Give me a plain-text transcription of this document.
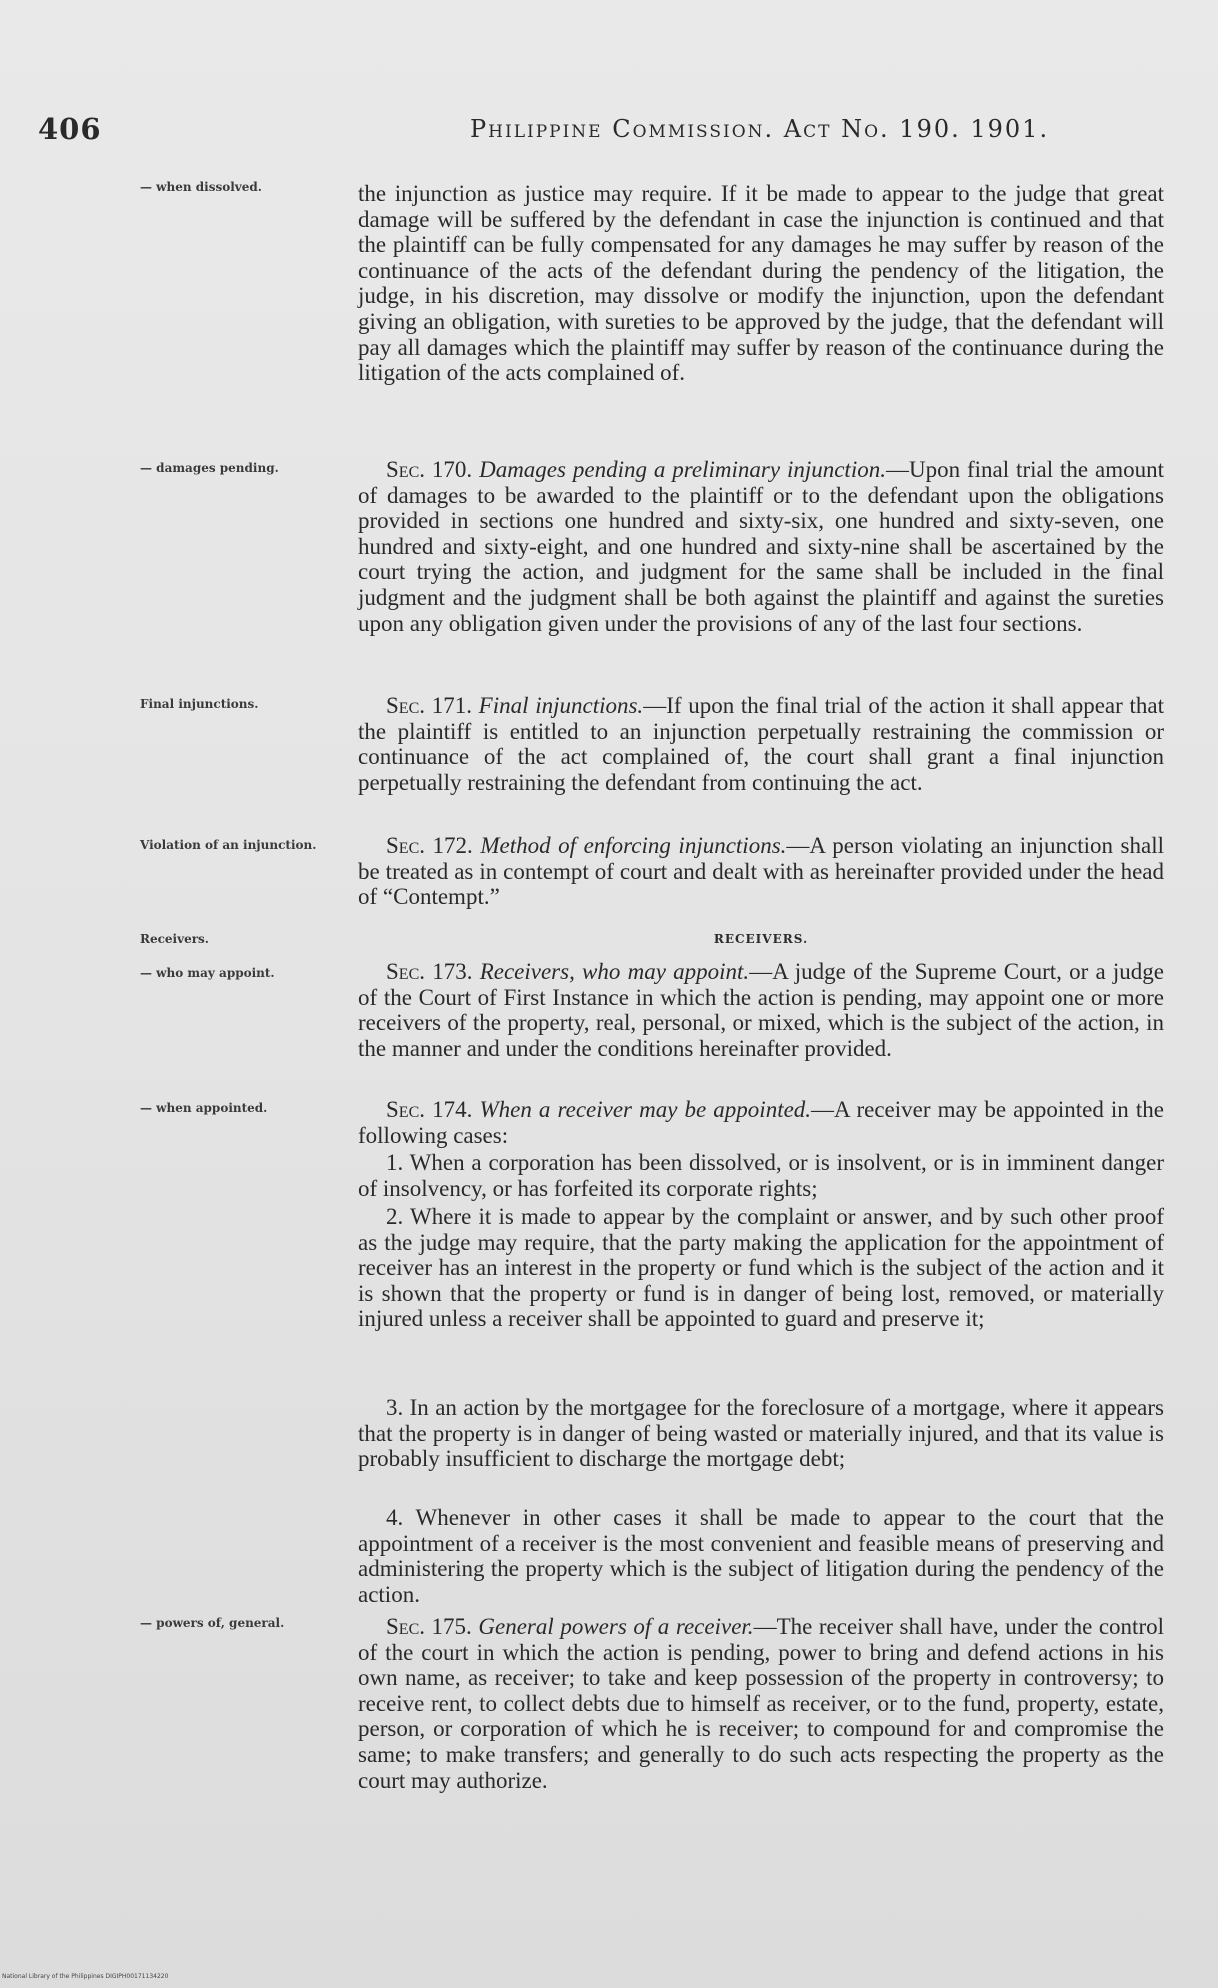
406	Philippine Commission. Act No. 190. 1901.
— when dissolved.
— damages pending.
Final injunctions.
Violation of an injunction.
Receivers.
— who may appoint.
— when appointed.
— powers of, general.

the injunction as justice may require. If it be made to appear to the judge that great damage will be suffered by the defendant in case the injunction is continued and that the plaintiff can be fully compensated for any damages he may suffer by reason of the continuance of the acts of the defendant during the pendency of the litigation, the judge, in his discretion, may dissolve or modify the injunction, upon the defendant giving an obligation, with sureties to be approved by the judge, that the defendant will pay all damages which the plaintiff may suffer by reason of the continuance during the litigation of the acts complained of.

Sec. 170. Damages pending a preliminary injunction.—Upon final trial the amount of damages to be awarded to the plaintiff or to the defendant upon the obligations provided in sections one hundred and sixty-six, one hundred and sixty-seven, one hundred and sixty-eight, and one hundred and sixty-nine shall be ascertained by the court trying the action, and judgment for the same shall be included in the final judgment and the judgment shall be both against the plaintiff and against the sureties upon any obligation given under the provisions of any of the last four sections.

Sec. 171. Final injunctions.—If upon the final trial of the action it shall appear that the plaintiff is entitled to an injunction perpetually restraining the commission or continuance of the act complained of, the court shall grant a final injunction perpetually restraining the defendant from continuing the act.

Sec. 172. Method of enforcing injunctions.—A person violating an injunction shall be treated as in contempt of court and dealt with as hereinafter provided under the head of “Contempt.”

RECEIVERS.

Sec. 173. Receivers, who may appoint.—A judge of the Supreme Court, or a judge of the Court of First Instance in which the action is pending, may appoint one or more receivers of the property, real, personal, or mixed, which is the subject of the action, in the manner and under the conditions hereinafter provided.

Sec. 174. When a receiver may be appointed.—A receiver may be appointed in the following cases:

1. When a corporation has been dissolved, or is insolvent, or is in imminent danger of insolvency, or has forfeited its corporate rights;

2. Where it is made to appear by the complaint or answer, and by such other proof as the judge may require, that the party making the application for the appointment of receiver has an interest in the property or fund which is the subject of the action and it is shown that the property or fund is in danger of being lost, removed, or materially injured unless a receiver shall be appointed to guard and preserve it;

3. In an action by the mortgagee for the foreclosure of a mortgage, where it appears that the property is in danger of being wasted or materially injured, and that its value is probably insufficient to discharge the mortgage debt;

4. Whenever in other cases it shall be made to appear to the court that the appointment of a receiver is the most convenient and feasible means of preserving and administering the property which is the subject of litigation during the pendency of the action.

Sec. 175. General powers of a receiver.—The receiver shall have, under the control of the court in which the action is pending, power to bring and defend actions in his own name, as receiver; to take and keep possession of the property in controversy; to receive rent, to collect debts due to himself as receiver, or to the fund, property, estate, person, or corporation of which he is receiver; to compound for and compromise the same; to make transfers; and generally to do such acts respecting the property as the court may authorize.

National Library of the Philippines DIGIPH00171134220
